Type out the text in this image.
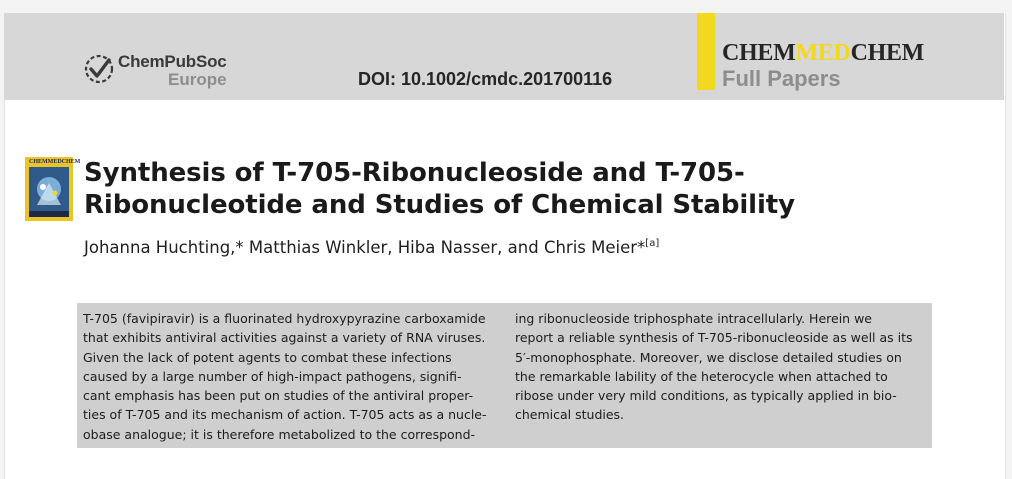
ChemPubSoc
Europe	DOI: 10.1002/cmdc.201700116
CHEMMEDCHEM
Full Papers
CHEMMEDCHEM Synthesis of T-705-Ribonucleoside and T-705-
Ribonucleotide and Studies of Chemical Stability
Johanna Huchting,* Matthias Winkler, Hiba Nasser, and Chris Meier*[a]
T-705 (favipiravir) is a fluorinated hydroxypyrazine carboxamide
that exhibits antiviral activities against a variety of RNA viruses.
Given the lack of potent agents to combat these infections
caused by a large number of high-impact pathogens, signifi-
cant emphasis has been put on studies of the antiviral proper-
ties of T-705 and its mechanism of action. T-705 acts as a nucle-
obase analogue; it is therefore metabolized to the correspond-
ing ribonucleoside triphosphate intracellularly. Herein we
report a reliable synthesis of T-705-ribonucleoside as well as its
5′-monophosphate. Moreover, we disclose detailed studies on
the remarkable lability of the heterocycle when attached to
ribose under very mild conditions, as typically applied in bio-
chemical studies.
